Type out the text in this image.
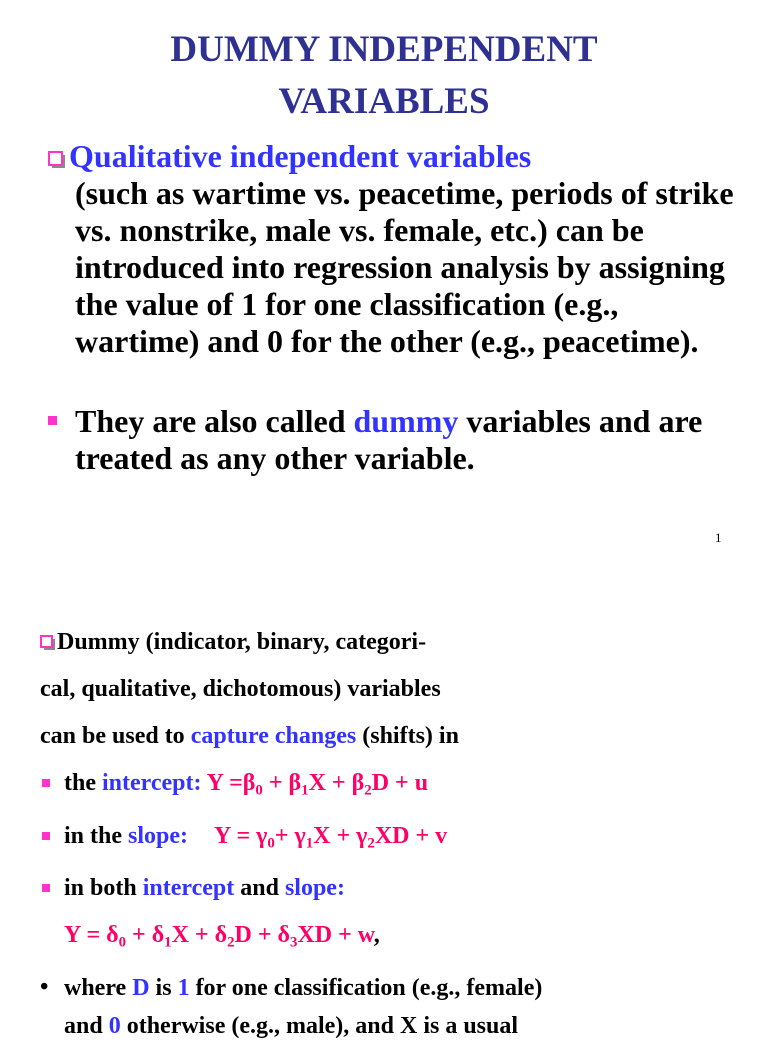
DUMMY INDEPENDENT
VARIABLES
Qualitative independent variables
(such as wartime vs. peacetime, periods of strike vs. nonstrike, male vs. female, etc.) can be introduced into regression analysis by assigning the value of 1 for one classification (e.g., wartime) and 0 for the other (e.g., peacetime).
They are also called dummy variables and are treated as any other variable.
1
Dummy (indicator, binary, categori-
cal, qualitative, dichotomous) variables
can be used to capture changes (shifts) in
the intercept: $Y =\beta_0 + \beta_1X + \beta_2D + u$
in the slope: $Y = \gamma_0+ \gamma_1X + \gamma_2XD + v$
in both intercept and slope:
$Y = \delta_0 + \delta_1X + \delta_2D + \delta_3XD + w$,
• where D is 1 for one classification (e.g., female)
and 0 otherwise (e.g., male), and X is a usual
